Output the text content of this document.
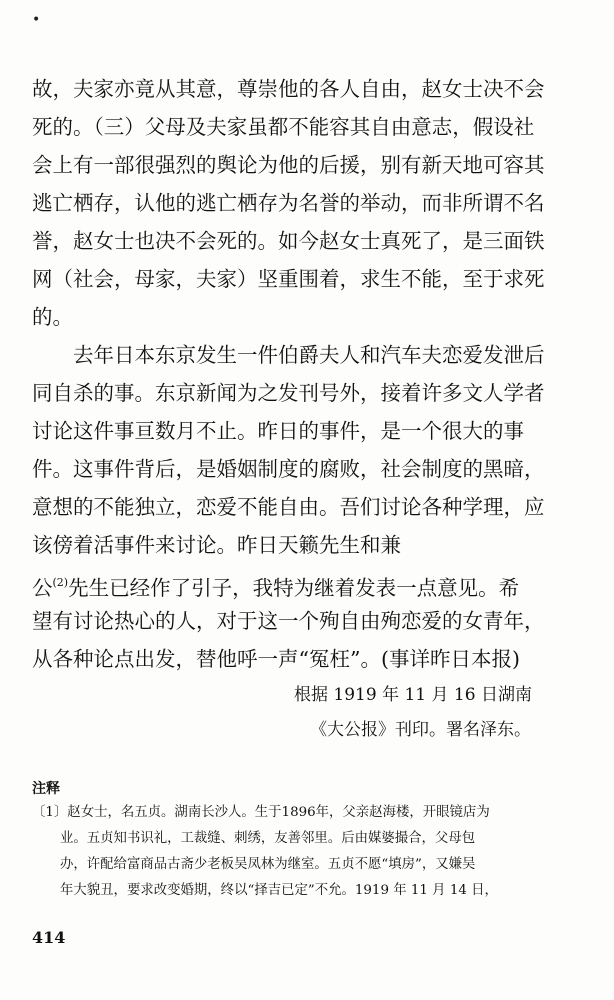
•
故，夫家亦竟从其意，尊崇他的各人自由，赵女士决不会
死的。（三）父母及夫家虽都不能容其自由意志，假设社
会上有一部很强烈的舆论为他的后援，别有新天地可容其
逃亡栖存，认他的逃亡栖存为名誉的举动，而非所谓不名
誉，赵女士也决不会死的。如今赵女士真死了，是三面铁
网（社会，母家，夫家）坚重围着，求生不能，至于求死
的。
　　去年日本东京发生一件伯爵夫人和汽车夫恋爱发泄后
同自杀的事。东京新闻为之发刊号外，接着许多文人学者
讨论这件事亘数月不止。昨日的事件，是一个很大的事
件。这事件背后，是婚姻制度的腐败，社会制度的黑暗，
意想的不能独立，恋爱不能自由。吾们讨论各种学理，应
该傍着活事件来讨论。昨日天籁先生和兼
公$^{(2)}$先生已经作了引子，我特为继着发表一点意见。希
望有讨论热心的人，对于这一个殉自由殉恋爱的女青年，
从各种论点出发，替他呼一声“冤枉”。(事详昨日本报)
根据 1919 年 11 月 16 日湖南
《大公报》刊印。署名泽东。
注释
〔1〕赵女士，名五贞。湖南长沙人。生于1896年，父亲赵海楼，开眼镜店为
业。五贞知书识礼，工裁缝、刺绣，友善邻里。后由媒婆撮合，父母包
办，许配给富商品古斋少老板吴凤林为继室。五贞不愿“填房”，又嫌吴
年大貌丑，要求改变婚期，终以“择吉已定”不允。1919 年 11 月 14 日，
414
